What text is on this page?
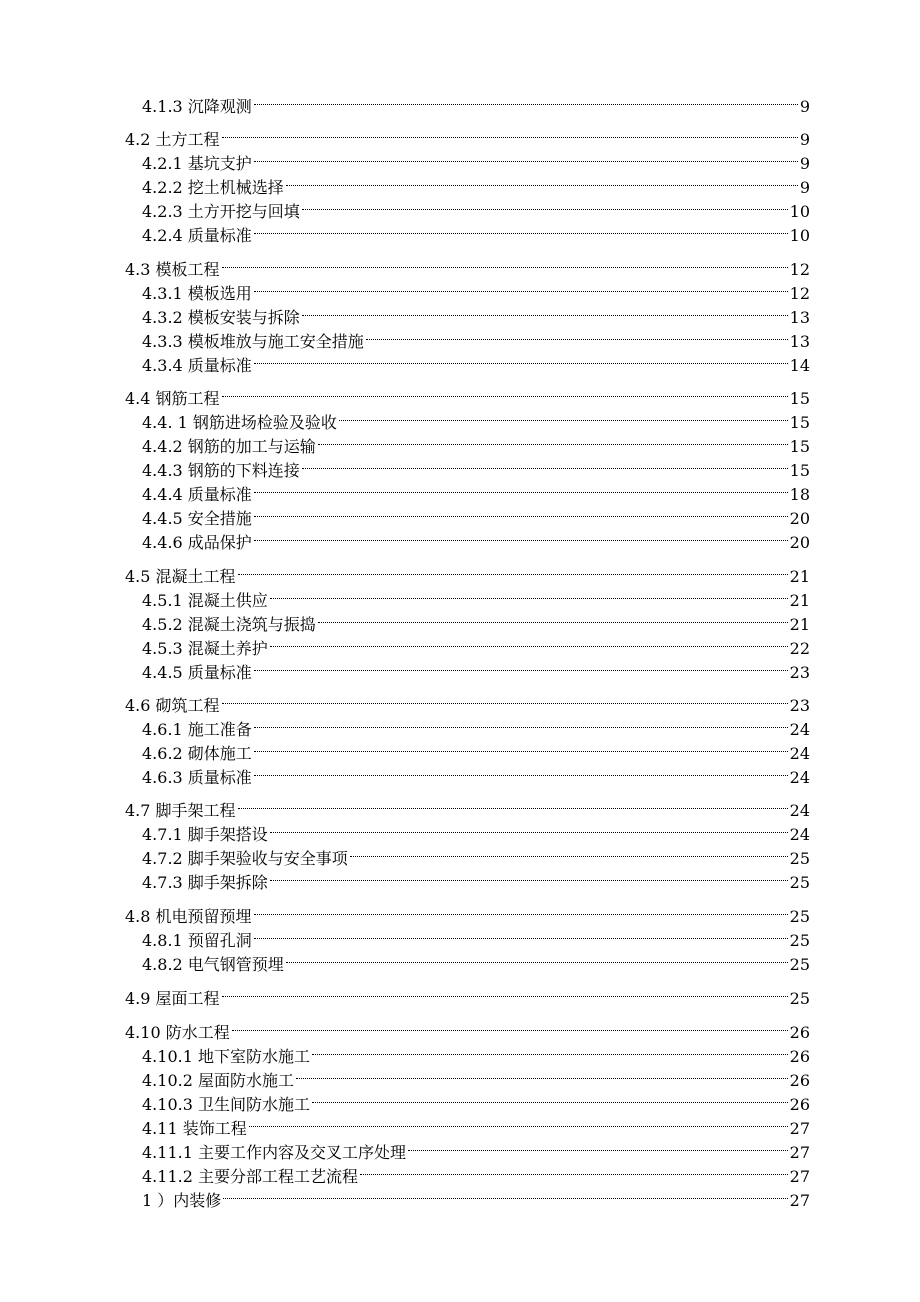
4.1.3 沉降观测	9
4.2 土方工程	9
4.2.1 基坑支护	9
4.2.2 挖土机械选择	9
4.2.3 土方开挖与回填	10
4.2.4 质量标准	10
4.3 模板工程	12
4.3.1 模板选用	12
4.3.2 模板安装与拆除	13
4.3.3 模板堆放与施工安全措施	13
4.3.4 质量标准	14
4.4 钢筋工程	15
4.4. 1 钢筋进场检验及验收	15
4.4.2 钢筋的加工与运输	15
4.4.3 钢筋的下料连接	15
4.4.4 质量标准	18
4.4.5 安全措施	20
4.4.6 成品保护	20
4.5 混凝土工程	21
4.5.1 混凝土供应	21
4.5.2 混凝土浇筑与振捣	21
4.5.3 混凝土养护	22
4.4.5 质量标准	23
4.6 砌筑工程	23
4.6.1 施工准备	24
4.6.2 砌体施工	24
4.6.3 质量标准	24
4.7 脚手架工程	24
4.7.1 脚手架搭设	24
4.7.2 脚手架验收与安全事项	25
4.7.3 脚手架拆除	25
4.8 机电预留预埋	25
4.8.1 预留孔洞	25
4.8.2 电气钢管预埋	25
4.9 屋面工程	25
4.10 防水工程	26
4.10.1 地下室防水施工	26
4.10.2 屋面防水施工	26
4.10.3 卫生间防水施工	26
4.11 装饰工程	27
4.11.1 主要工作内容及交叉工序处理	27
4.11.2 主要分部工程工艺流程	27
1 ）内装修	27
